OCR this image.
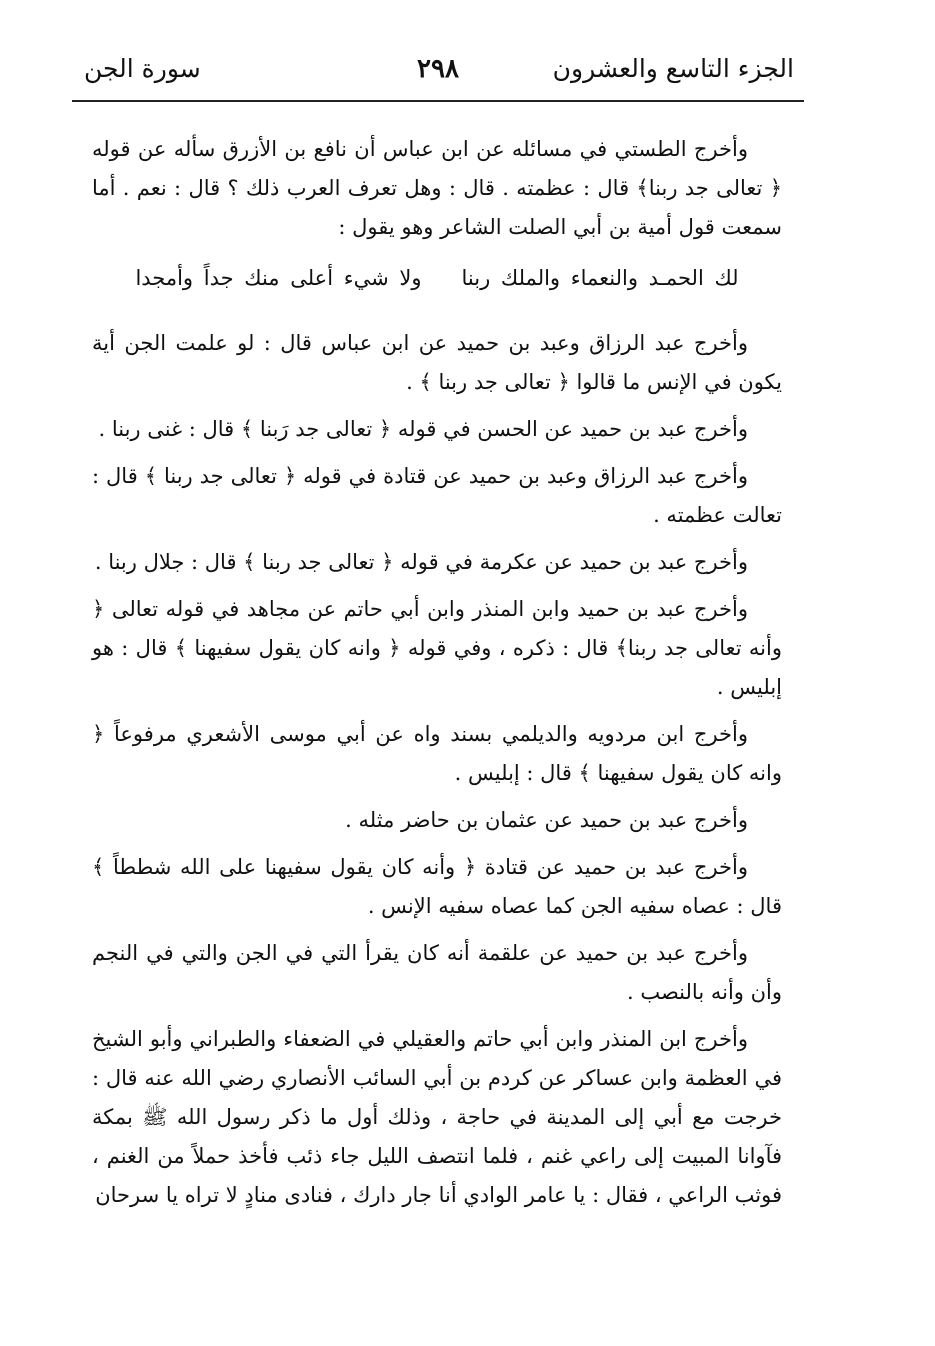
الجزء التاسع والعشرون
٢٩٨
سورة الجن

وأخرج الطستي في مسائله عن ابن عباس أن نافع بن الأزرق سأله عن قوله ﴿ تعالى جد ربنا﴾ قال : عظمته . قال : وهل تعرف العرب ذلك ؟ قال : نعم . أما سمعت قول أمية بن أبي الصلت الشاعر وهو يقول :

لك الحمـد والنعماء والملك ربناولا شيء أعلى منك جداً وأمجدا

وأخرج عبد الرزاق وعبد بن حميد عن ابن عباس قال : لو علمت الجن أية يكون في الإنس ما قالوا ﴿ تعالى جد ربنا ﴾ .

وأخرج عبد بن حميد عن الحسن في قوله ﴿ تعالى جد رَبنا ﴾ قال : غنى ربنا .

وأخرج عبد الرزاق وعبد بن حميد عن قتادة في قوله ﴿ تعالى جد ربنا ﴾ قال : تعالت عظمته .

وأخرج عبد بن حميد عن عكرمة في قوله ﴿ تعالى جد ربنا ﴾ قال : جلال ربنا .

وأخرج عبد بن حميد وابن المنذر وابن أبي حاتم عن مجاهد في قوله تعالى ﴿ وأنه تعالى جد ربنا﴾ قال : ذكره ، وفي قوله ﴿ وانه كان يقول سفيهنا ﴾ قال : هو إبليس .

وأخرج ابن مردويه والديلمي بسند واه عن أبي موسى الأشعري مرفوعاً ﴿ وانه كان يقول سفيهنا ﴾ قال : إبليس .

وأخرج عبد بن حميد عن عثمان بن حاضر مثله .

وأخرج عبد بن حميد عن قتادة ﴿ وأنه كان يقول سفيهنا على الله شططاً ﴾ قال : عصاه سفيه الجن كما عصاه سفيه الإنس .

وأخرج عبد بن حميد عن علقمة أنه كان يقرأ التي في الجن والتي في النجم وأن وأنه بالنصب .

وأخرج ابن المنذر وابن أبي حاتم والعقيلي في الضعفاء والطبراني وأبو الشيخ في العظمة وابن عساكر عن كردم بن أبي السائب الأنصاري رضي الله عنه قال : خرجت مع أبي إلى المدينة في حاجة ، وذلك أول ما ذكر رسول الله ﷺ بمكة فآوانا المبيت إلى راعي غنم ، فلما انتصف الليل جاء ذئب فأخذ حملاً من الغنم ، فوثب الراعي ، فقال : يا عامر الوادي أنا جار دارك ، فنادى منادٍ لا تراه يا سرحان
